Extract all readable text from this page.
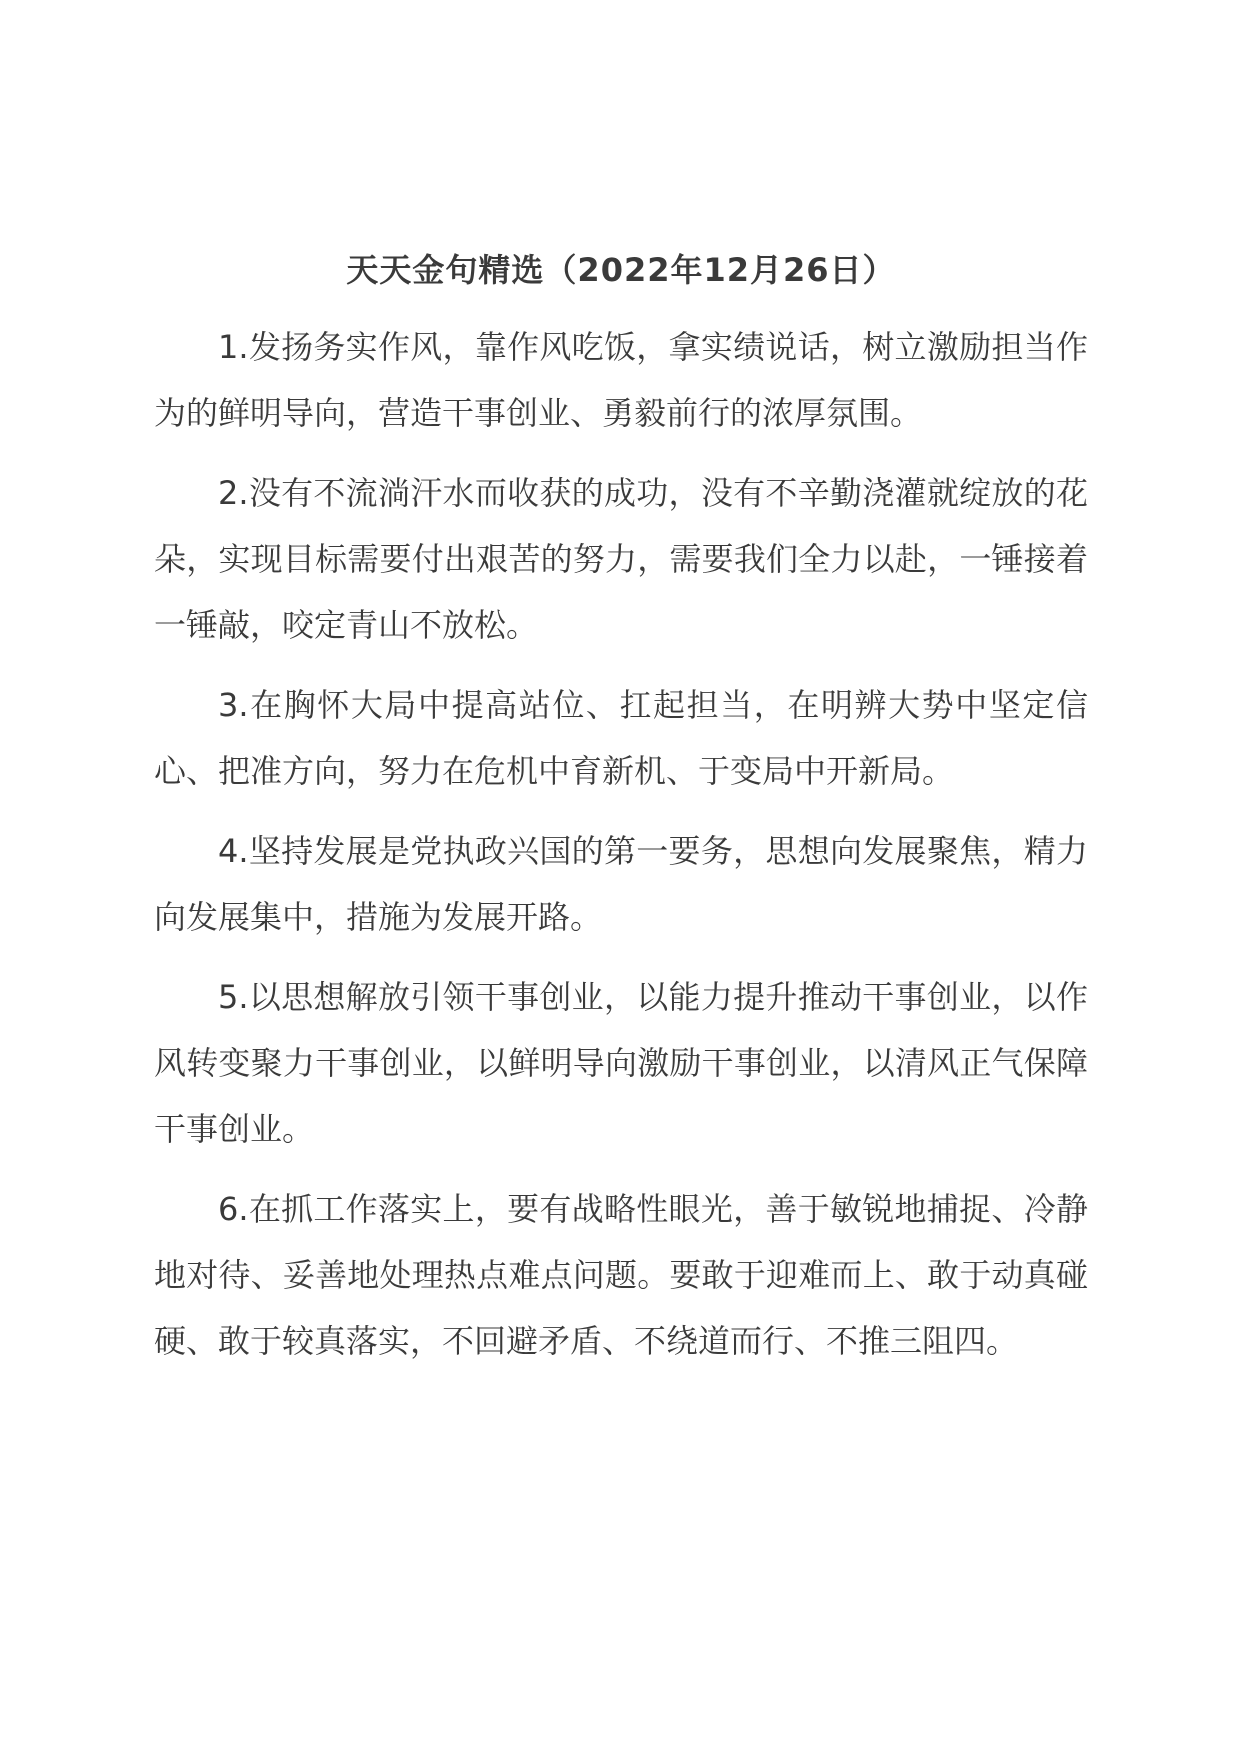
天天金句精选（2022年12月26日）

1.发扬务实作风，靠作风吃饭，拿实绩说话，树立激励担当作为的鲜明导向，营造干事创业、勇毅前行的浓厚氛围。

2.没有不流淌汗水而收获的成功，没有不辛勤浇灌就绽放的花朵，实现目标需要付出艰苦的努力，需要我们全力以赴，一锤接着一锤敲，咬定青山不放松。

3.在胸怀大局中提高站位、扛起担当，在明辨大势中坚定信心、把准方向，努力在危机中育新机、于变局中开新局。

4.坚持发展是党执政兴国的第一要务，思想向发展聚焦，精力向发展集中，措施为发展开路。

5.以思想解放引领干事创业，以能力提升推动干事创业，以作风转变聚力干事创业，以鲜明导向激励干事创业，以清风正气保障干事创业。

6.在抓工作落实上，要有战略性眼光，善于敏锐地捕捉、冷静地对待、妥善地处理热点难点问题。要敢于迎难而上、敢于动真碰硬、敢于较真落实，不回避矛盾、不绕道而行、不推三阻四。
